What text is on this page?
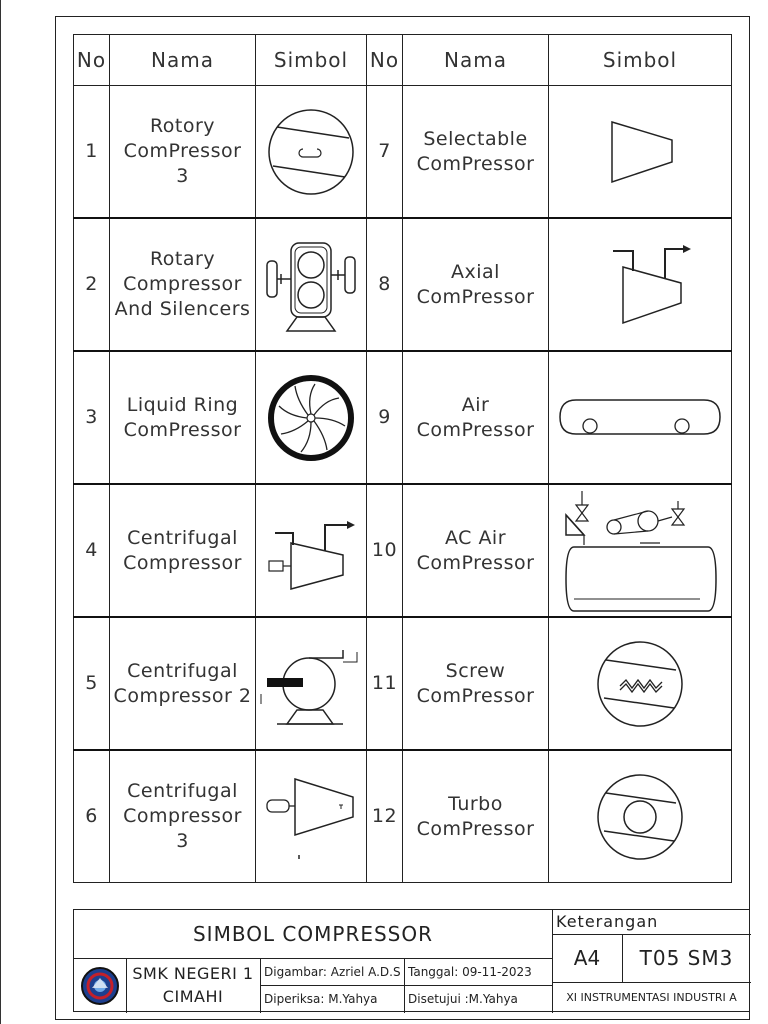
No	Nama	Simbol	No	Nama	Simbol
1	Rotory
ComPressor
3		7	Selectable
ComPressor

2	Rotary
Compressor
And Silencers		8	Axial
ComPressor

3	Liquid Ring
ComPressor		9	Air
ComPressor

4	Centrifugal
Compressor		10	AC Air
ComPressor

5	Centrifugal
Compressor 2		11	Screw
ComPressor

6	Centrifugal
Compressor
3		12	Turbo
ComPressor

SIMBOL COMPRESSOR
Keterangan
A4	T05 SM3
SMK NEGERI 1
CIMAHI
Digambar: Azriel A.D.S Tanggal: 09-11-2023
Diperiksa: M.Yahya	Disetujui :M.Yahya	XI INSTRUMENTASI INDUSTRI A
